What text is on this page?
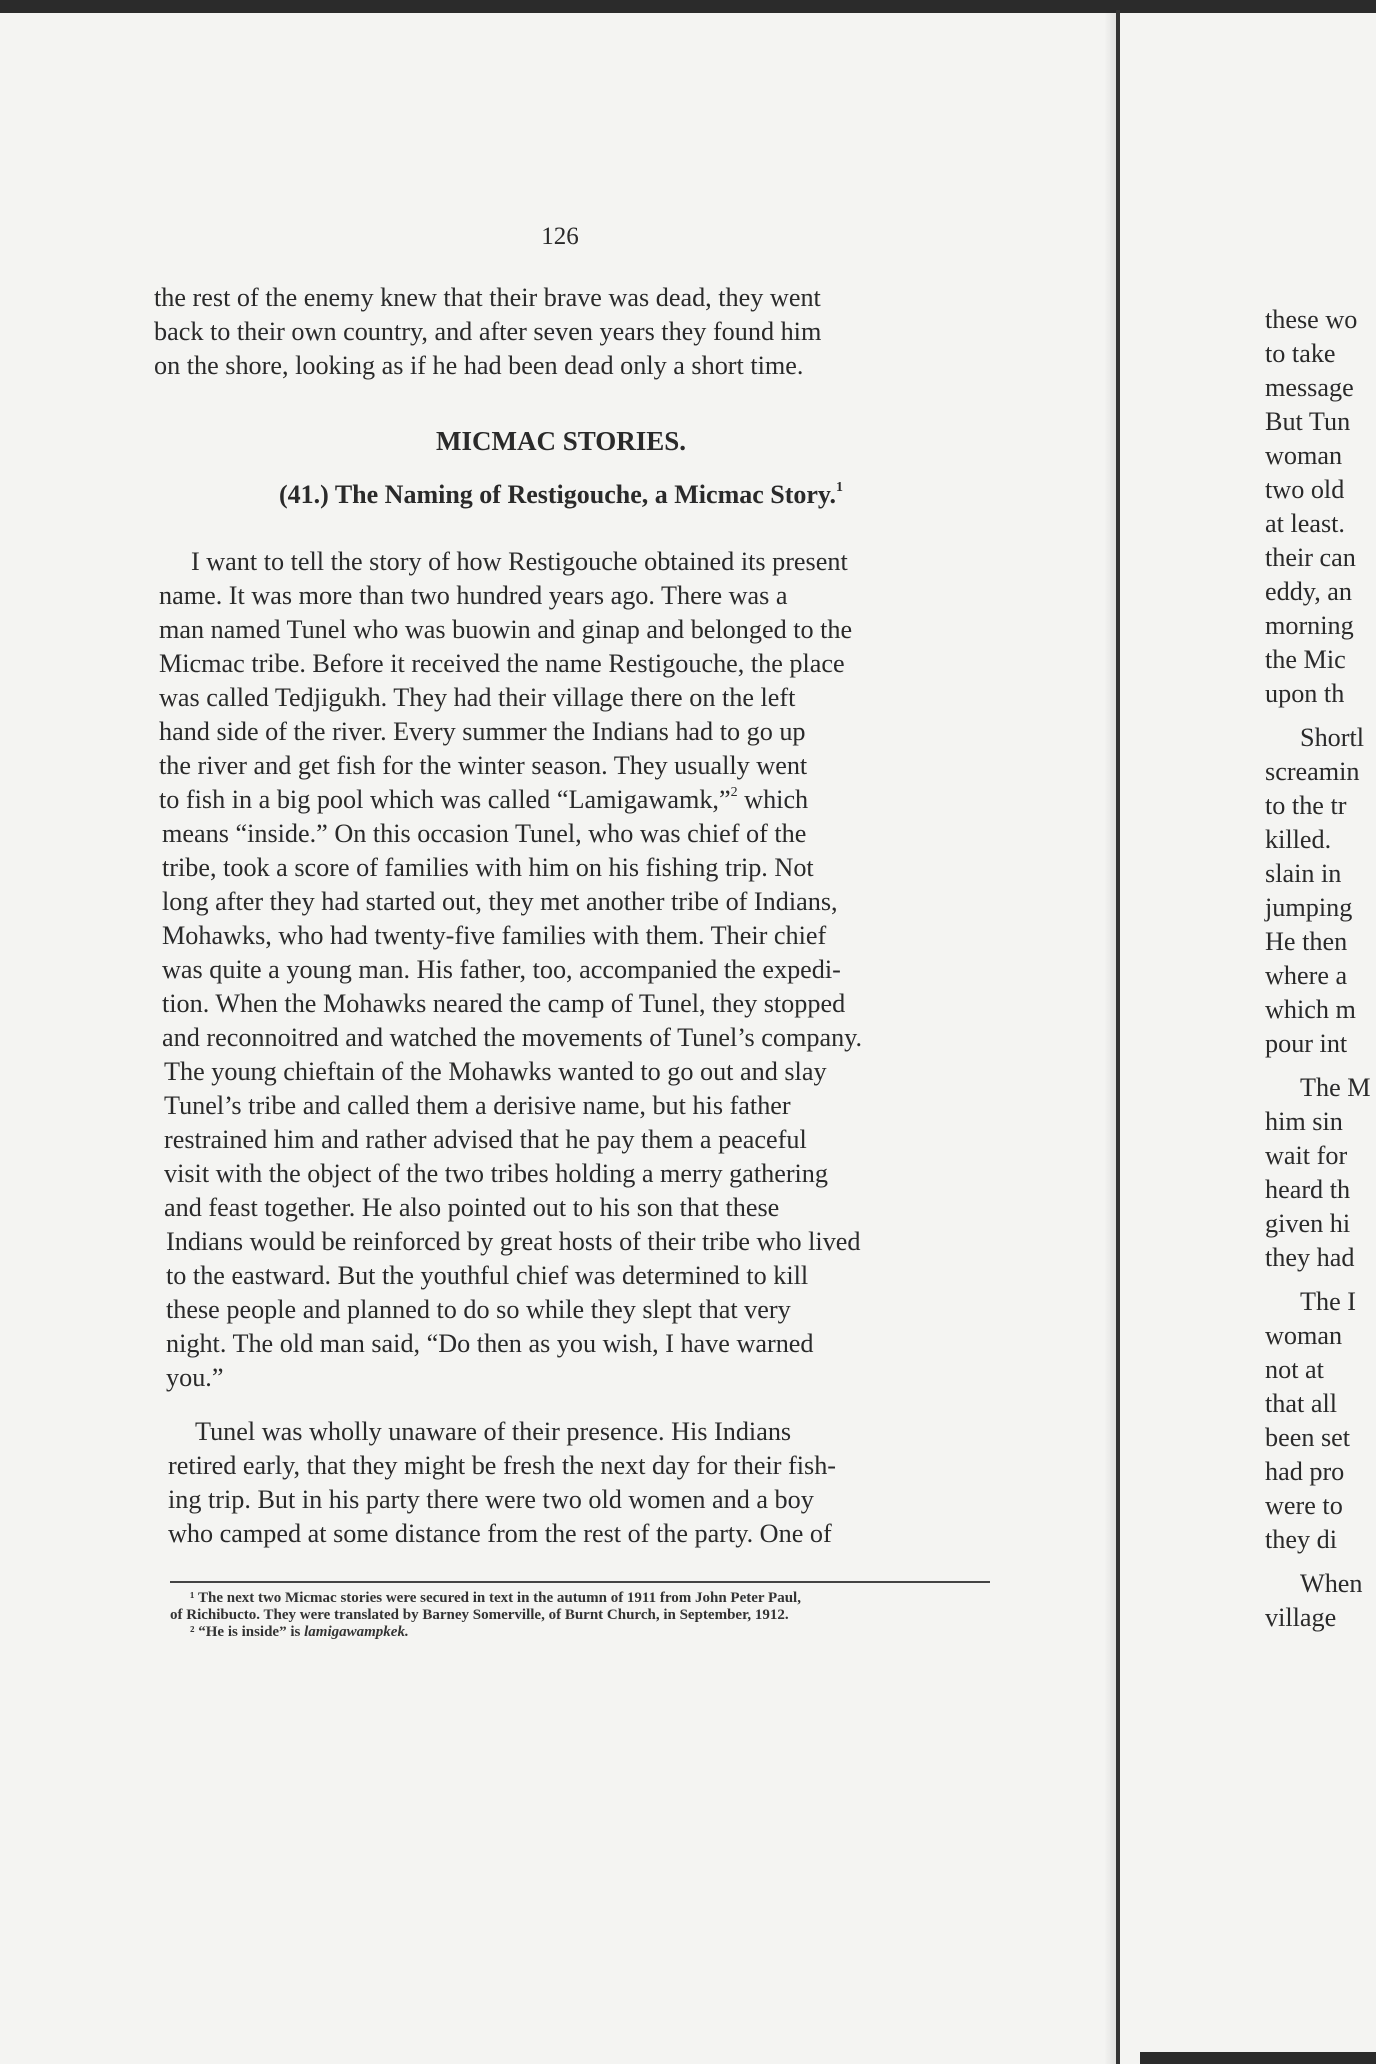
126
the rest of the enemy knew that their brave was dead, they went
back to their own country, and after seven years they found him
on the shore, looking as if he had been dead only a short time.
MICMAC STORIES.
(41.) The Naming of Restigouche, a Micmac Story.$^1$
I want to tell the story of how Restigouche obtained its present
name. It was more than two hundred years ago. There was a
man named Tunel who was buowin and ginap and belonged to the
Micmac tribe. Before it received the name Restigouche, the place
was called Tedjigukh. They had their village there on the left
hand side of the river. Every summer the Indians had to go up
the river and get fish for the winter season. They usually went
to fish in a big pool which was called “Lamigawamk,”$^2$ which
means “inside.” On this occasion Tunel, who was chief of the
tribe, took a score of families with him on his fishing trip. Not
long after they had started out, they met another tribe of Indians,
Mohawks, who had twenty-five families with them. Their chief
was quite a young man. His father, too, accompanied the expedi-
tion. When the Mohawks neared the camp of Tunel, they stopped
and reconnoitred and watched the movements of Tunel’s company.
The young chieftain of the Mohawks wanted to go out and slay
Tunel’s tribe and called them a derisive name, but his father
restrained him and rather advised that he pay them a peaceful
visit with the object of the two tribes holding a merry gathering
and feast together. He also pointed out to his son that these
Indians would be reinforced by great hosts of their tribe who lived
to the eastward. But the youthful chief was determined to kill
these people and planned to do so while they slept that very
night. The old man said, “Do then as you wish, I have warned
you.”
Tunel was wholly unaware of their presence. His Indians
retired early, that they might be fresh the next day for their fish-
ing trip. But in his party there were two old women and a boy
who camped at some distance from the rest of the party. One of
¹ The next two Micmac stories were secured in text in the autumn of 1911 from John Peter Paul,
of Richibucto. They were translated by Barney Somerville, of Burnt Church, in September, 1912.
² “He is inside” is lamigawampkek.
these wo
to take
message
But Tun
woman
two old
at least.
their can
eddy, an
morning
the Mic
upon th
Shortl
screamin
to the tr
killed.
slain in
jumping
He then
where a
which m
pour int
The M
him sin
wait for
heard th
given hi
they had
The I
woman
not at
that all
been set
had pro
were to
they di
When
village
